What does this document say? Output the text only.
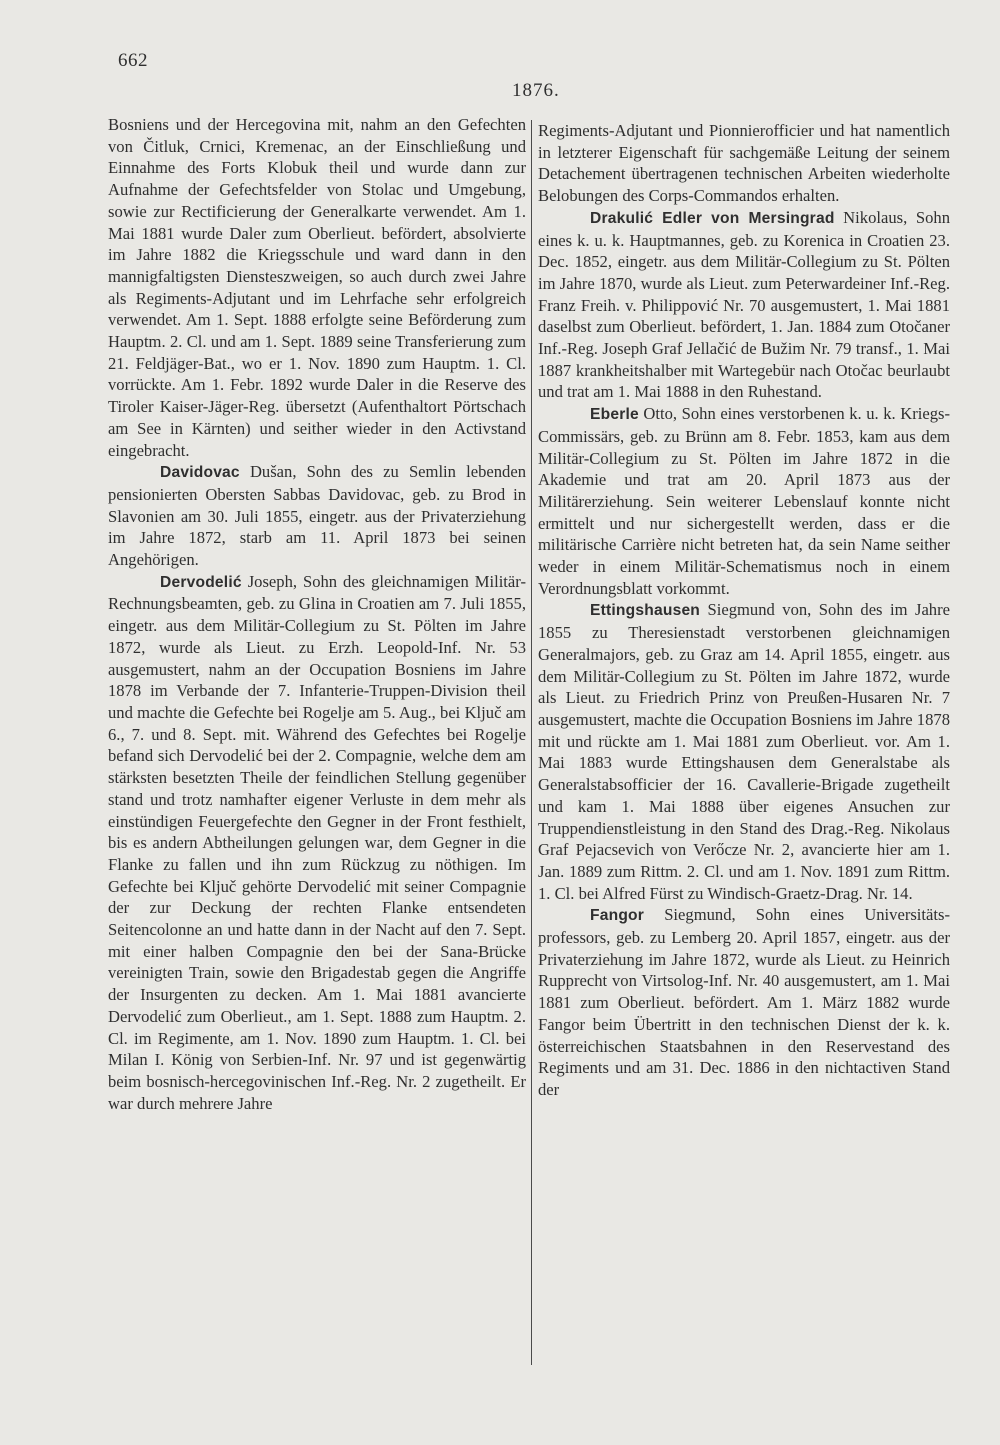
662
1876.

Bosniens und der Hercegovina mit, nahm an den Gefechten von Čitluk, Crnici, Kremenac, an der Einschließung und Einnahme des Forts Klobuk theil und wurde dann zur Aufnahme der Gefechtsfelder von Stolac und Umgebung, sowie zur Rectificierung der Generalkarte verwendet. Am 1. Mai 1881 wurde Daler zum Oberlieut. befördert, absolvierte im Jahre 1882 die Kriegsschule und ward dann in den mannigfaltigsten Diensteszweigen, so auch durch zwei Jahre als Regiments-Adjutant und im Lehrfache sehr erfolgreich verwendet. Am 1. Sept. 1888 erfolgte seine Beförderung zum Hauptm. 2. Cl. und am 1. Sept. 1889 seine Transferierung zum 21. Feldjäger-Bat., wo er 1. Nov. 1890 zum Hauptm. 1. Cl. vorrückte. Am 1. Febr. 1892 wurde Daler in die Reserve des Tiroler Kaiser-Jäger-Reg. übersetzt (Aufenthaltort Pörtschach am See in Kärnten) und seither wieder in den Activstand eingebracht.

Davidovac Dušan, Sohn des zu Semlin lebenden pensionierten Obersten Sabbas Davidovac, geb. zu Brod in Slavonien am 30. Juli 1855, eingetr. aus der Privaterziehung im Jahre 1872, starb am 11. April 1873 bei seinen Angehörigen.

Dervodelić Joseph, Sohn des gleichnamigen Militär-Rechnungsbeamten, geb. zu Glina in Croatien am 7. Juli 1855, eingetr. aus dem Militär-Collegium zu St. Pölten im Jahre 1872, wurde als Lieut. zu Erzh. Leopold-Inf. Nr. 53 ausgemustert, nahm an der Occupation Bosniens im Jahre 1878 im Verbande der 7. Infanterie-Truppen-Division theil und machte die Gefechte bei Rogelje am 5. Aug., bei Ključ am 6., 7. und 8. Sept. mit. Während des Gefechtes bei Rogelje befand sich Dervodelić bei der 2. Compagnie, welche dem am stärksten besetzten Theile der feindlichen Stellung gegenüber stand und trotz namhafter eigener Verluste in dem mehr als einstündigen Feuergefechte den Gegner in der Front festhielt, bis es andern Abtheilungen gelungen war, dem Gegner in die Flanke zu fallen und ihn zum Rückzug zu nöthigen. Im Gefechte bei Ključ gehörte Dervodelić mit seiner Compagnie der zur Deckung der rechten Flanke entsendeten Seitencolonne an und hatte dann in der Nacht auf den 7. Sept. mit einer halben Compagnie den bei der Sana-Brücke vereinigten Train, sowie den Brigadestab gegen die Angriffe der Insurgenten zu decken. Am 1. Mai 1881 avancierte Dervodelić zum Oberlieut., am 1. Sept. 1888 zum Hauptm. 2. Cl. im Regimente, am 1. Nov. 1890 zum Hauptm. 1. Cl. bei Milan I. König von Serbien-Inf. Nr. 97 und ist gegenwärtig beim bosnisch-hercegovinischen Inf.-Reg. Nr. 2 zugetheilt. Er war durch mehrere Jahre

Regiments-Adjutant und Pionnierofficier und hat namentlich in letzterer Eigenschaft für sachgemäße Leitung der seinem Detachement übertragenen technischen Arbeiten wiederholte Belobungen des Corps-Commandos erhalten.

Drakulić Edler von Mersingrad Nikolaus, Sohn eines k. u. k. Hauptmannes, geb. zu Korenica in Croatien 23. Dec. 1852, eingetr. aus dem Militär-Collegium zu St. Pölten im Jahre 1870, wurde als Lieut. zum Peterwardeiner Inf.-Reg. Franz Freih. v. Philippović Nr. 70 ausgemustert, 1. Mai 1881 daselbst zum Oberlieut. befördert, 1. Jan. 1884 zum Otočaner Inf.-Reg. Joseph Graf Jellačić de Bužim Nr. 79 transf., 1. Mai 1887 krankheitshalber mit Wartegebür nach Otočac beurlaubt und trat am 1. Mai 1888 in den Ruhestand.

Eberle Otto, Sohn eines verstorbenen k. u. k. Kriegs-Commissärs, geb. zu Brünn am 8. Febr. 1853, kam aus dem Militär-Collegium zu St. Pölten im Jahre 1872 in die Akademie und trat am 20. April 1873 aus der Militärerziehung. Sein weiterer Lebenslauf konnte nicht ermittelt und nur sichergestellt werden, dass er die militärische Carrière nicht betreten hat, da sein Name seither weder in einem Militär-Schematismus noch in einem Verordnungsblatt vorkommt.

Ettingshausen Siegmund von, Sohn des im Jahre 1855 zu Theresienstadt verstorbenen gleichnamigen Generalmajors, geb. zu Graz am 14. April 1855, eingetr. aus dem Militär-Collegium zu St. Pölten im Jahre 1872, wurde als Lieut. zu Friedrich Prinz von Preußen-Husaren Nr. 7 ausgemustert, machte die Occupation Bosniens im Jahre 1878 mit und rückte am 1. Mai 1881 zum Oberlieut. vor. Am 1. Mai 1883 wurde Ettingshausen dem Generalstabe als Generalstabsofficier der 16. Cavallerie-Brigade zugetheilt und kam 1. Mai 1888 über eigenes Ansuchen zur Truppendienstleistung in den Stand des Drag.-Reg. Nikolaus Graf Pejacsevich von Verőcze Nr. 2, avancierte hier am 1. Jan. 1889 zum Rittm. 2. Cl. und am 1. Nov. 1891 zum Rittm. 1. Cl. bei Alfred Fürst zu Windisch-Graetz-Drag. Nr. 14.

Fangor Siegmund, Sohn eines Universitätsprofessors, geb. zu Lemberg 20. April 1857, eingetr. aus der Privaterziehung im Jahre 1872, wurde als Lieut. zu Heinrich Rupprecht von Virtsolog-Inf. Nr. 40 ausgemustert, am 1. Mai 1881 zum Oberlieut. befördert. Am 1. März 1882 wurde Fangor beim Übertritt in den technischen Dienst der k. k. österreichischen Staatsbahnen in den Reservestand des Regiments und am 31. Dec. 1886 in den nichtactiven Stand der
